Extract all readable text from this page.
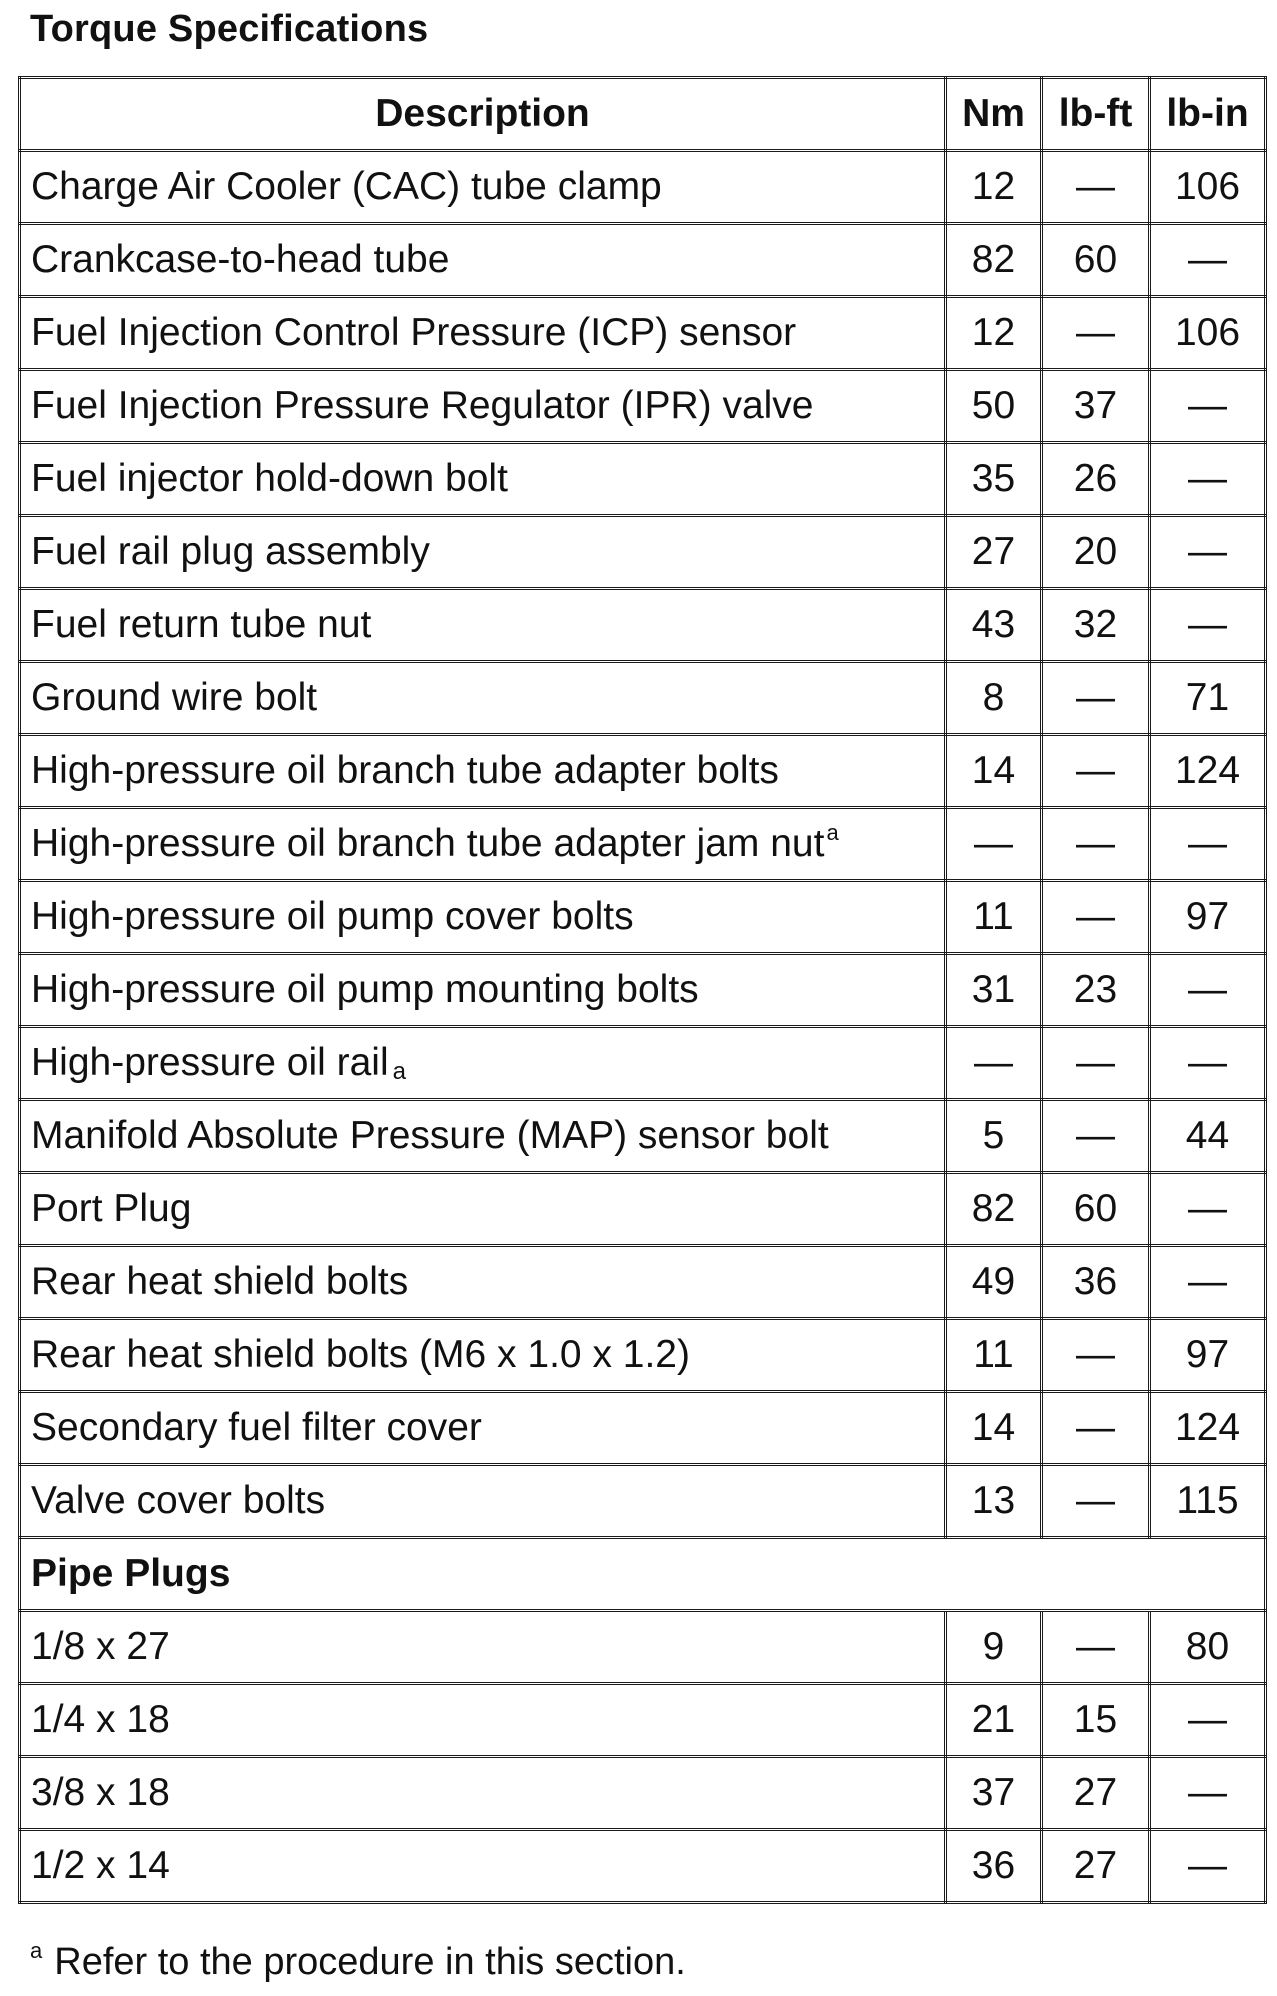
Torque Specifications
Description	Nm	lb-ft	lb-in
Charge Air Cooler (CAC) tube clamp	12	—	106
Crankcase-to-head tube	82	60	—
Fuel Injection Control Pressure (ICP) sensor	12	—	106
Fuel Injection Pressure Regulator (IPR) valve	50	37	—
Fuel injector hold-down bolt	35	26	—
Fuel rail plug assembly	27	20	—
Fuel return tube nut	43	32	—
Ground wire bolt	8	—	71
High-pressure oil branch tube adapter bolts	14	—	124
High-pressure oil branch tube adapter jam nut$^a$	—	—	—
High-pressure oil pump cover bolts	11	—	97
High-pressure oil pump mounting bolts	31	23	—
High-pressure oil rail $_a$	—	—	—
Manifold Absolute Pressure (MAP) sensor bolt	5	—	44
Port Plug	82	60	—
Rear heat shield bolts	49	36	—
Rear heat shield bolts (M6 x 1.0 x 1.2)	11	—	97
Secondary fuel filter cover	14	—	124
Valve cover bolts	13	—	115
Pipe Plugs			
1/8 x 27	9	—	80
1/4 x 18	21	15	—
3/8 x 18	37	27	—
1/2 x 14	36	27	—
$^a$ Refer to the procedure in this section.
